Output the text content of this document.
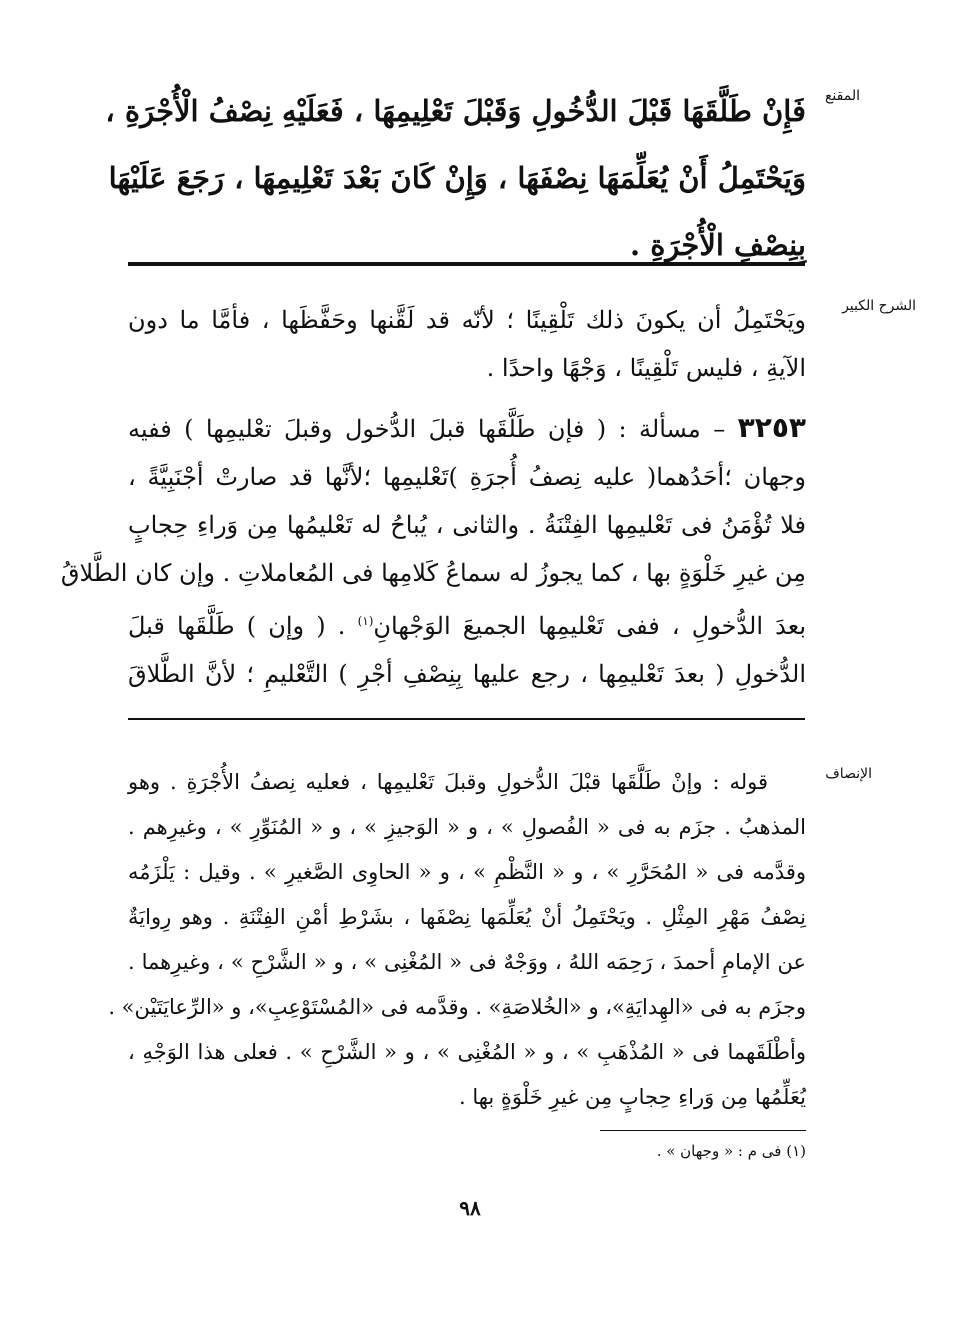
المقنع
فَإِنْ طَلَّقَهَا قَبْلَ الدُّخُولِ وَقَبْلَ تَعْلِيمِهَا ، فَعَلَيْهِ نِصْفُ الْأُجْرَةِ ،
وَيَحْتَمِلُ أَنْ يُعَلِّمَهَا نِصْفَهَا ، وَإِنْ كَانَ بَعْدَ تَعْلِيمِهَا ، رَجَعَ عَلَيْهَا
بِنِصْفِ الْأُجْرَةِ .
الشرح الكبير
ويَحْتَمِلُ أن يكونَ ذلك تَلْقِينًا ؛ لأنّه قد لَقَّنها وحَفَّظَها ، فأمَّا ما دون
الآيةِ ، فليس تَلْقِينًا ، وَجْهًا واحدًا .
٣٢٥٣ – مسألة : ( فإن طَلَّقَها قبلَ الدُّخول وقبلَ تعْليمِها ) ففيه
وجهان ؛أحَدُهما( عليه نِصفُ أُجرَةِ )تَعْليمِها ؛لأنَّها قد صارتْ أجْنَبِيَّةً ،
فلا تُؤْمَنُ فى تَعْليمِها الفِتْنَةُ . والثانى ، يُباحُ له تَعْليمُها مِن وَراءِ حِجابٍ
مِن غيرِ خَلْوَةٍ بها ، كما يجوزُ له سماعُ كَلامِها فى المُعاملاتِ . وإن كان الطَّلاقُ
بعدَ الدُّخولِ ، ففى تَعْليمِها الجميعَ الوَجْهانِ$^{(١)}$ . ( وإن ) طَلَّقَها قبلَ
الدُّخولِ ( بعدَ تَعْليمِها ، رجع عليها بِنِصْفِ أجْرِ ) التَّعْليمِ ؛ لأنَّ الطَّلاقَ
الإنصاف
قوله : وإنْ طَلَّقَها قبْلَ الدُّخولِ وقبلَ تَعْليمِها ، فعليه نِصفُ الأُجْرَةِ . وهو
المذهبُ . جزَم به فى « الفُصولِ » ، و « الوَجيزِ » ، و « المُنَوِّرِ » ، وغيرِهم .
وقدَّمه فى « المُحَرَّرِ » ، و « النَّظْمِ » ، و « الحاوِى الصَّغيرِ » . وقيل : يَلْزَمُه
نِصْفُ مَهْرِ المِثْلِ . ويَحْتَمِلُ أنْ يُعَلِّمَها نِصْفَها ، بشَرْطِ أمْنِ الفِتْنَةِ . وهو رِوايَةٌ
عن الإمامِ أحمدَ ، رَحِمَه اللهُ ، ووَجْهٌ فى « المُغْنِى » ، و « الشَّرْحِ » ، وغيرِهما .
وجزَم به فى «الهِدايَةِ»، و «الخُلاصَةِ» . وقدَّمه فى «المُسْتَوْعِبِ»، و «الرِّعايَتَيْن» .
وأطْلَقَهما فى « المُذْهَبِ » ، و « المُغْنِى » ، و « الشَّرْحِ » . فعلى هذا الوَجْهِ ،
يُعَلِّمُها مِن وَراءِ حِجابٍ مِن غيرِ خَلْوَةٍ بها .
(١) فى م : « وجهان » .
٩٨
